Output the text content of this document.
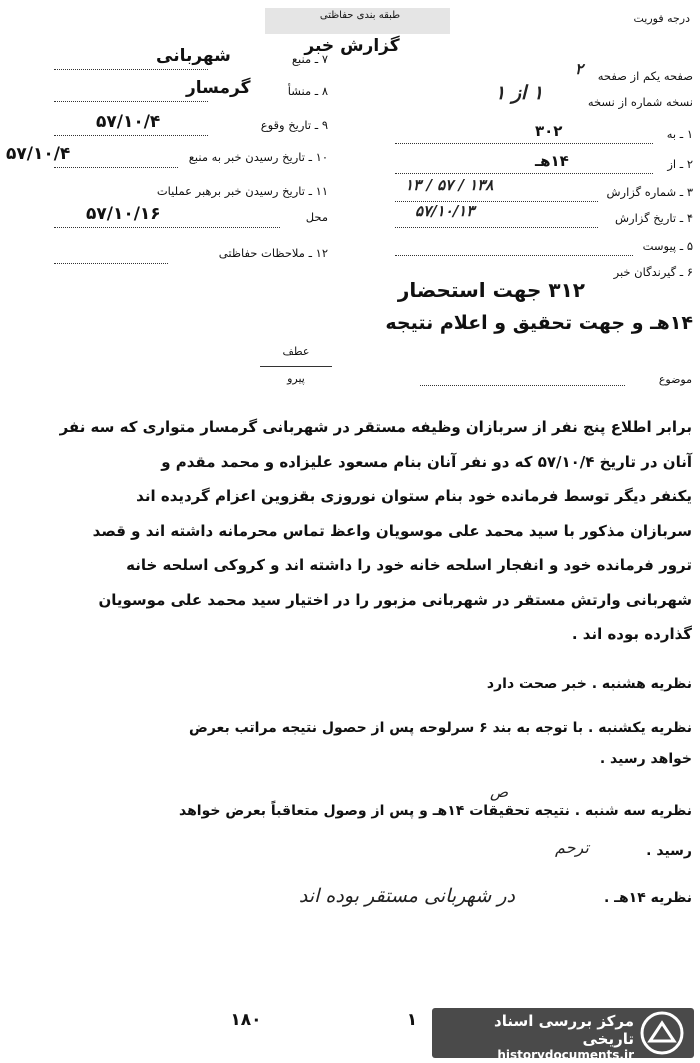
طبقه بندی حفاظتی
گزارش خبر
درجه فوریت
۷ ـ منبع
شهربانی
۸ ـ منشأ
گرمسار
۹ ـ تاریخ وقوع
۵۷/۱۰/۴
۱۰ ـ تاریخ رسیدن خبر به منبع
۵۷/۱۰/۴
۱۱ ـ تاریخ رسیدن خبر برهبر عملیات
محل
۵۷/۱۰/۱۶
۱۲ ـ ملاحظات حفاظتی
صفحه یکم از صفحه
۲
نسخه شماره از نسخه
۱ از ۱
۱ ـ به
۳۰۲
۲ ـ از
۱۴هـ
۳ ـ شماره گزارش
۱۳۸ / ۵۷ / ۱۳
۴ ـ تاریخ گزارش
۵۷/۱۰/۱۳
۵ ـ پیوست
۶ ـ گیرندگان خبر
۳۱۲ جهت استحضار
۱۴هـ و جهت تحقیق و اعلام نتیجه
عطف
پیرو	موضوع

برابر اطلاع پنج نفر از سربازان وظیفه مستقر در شهربانی گرمسار متواری که سه نفر

آنان در تاریخ ۵۷/۱۰/۴ که دو نفر آنان بنام مسعود علیزاده و محمد مقدم و

یکنفر دیگر توسط فرمانده خود بنام ستوان نوروزی بقزوین اعزام گردیده اند

سربازان مذکور با سید محمد علی موسویان واعظ تماس محرمانه داشته اند و قصد

ترور فرمانده خود و انفجار اسلحه خانه خود را داشته اند و کروکی اسلحه خانه

شهربانی وارتش مستقر در شهربانی مزبور را در اختیار سید محمد علی موسویان

گذارده بوده اند .

نظریه هشنبه . خبر صحت دارد
نظریه یکشنبه . با توجه به بند ۶ سرلوحه پس از حصول نتیجه مراتب بعرض
خواهد رسید .
ص
نظریه سه شنبه . نتیجه تحقیقات ۱۴هـ و پس از وصول متعاقباً بعرض خواهد
رسید .
ترحم
نظریه ۱۴هـ .
در شهربانی مستقر بوده اند
۱۸۰	۱	مرکز بررسی اسناد تاریخی
historydocuments.ir
